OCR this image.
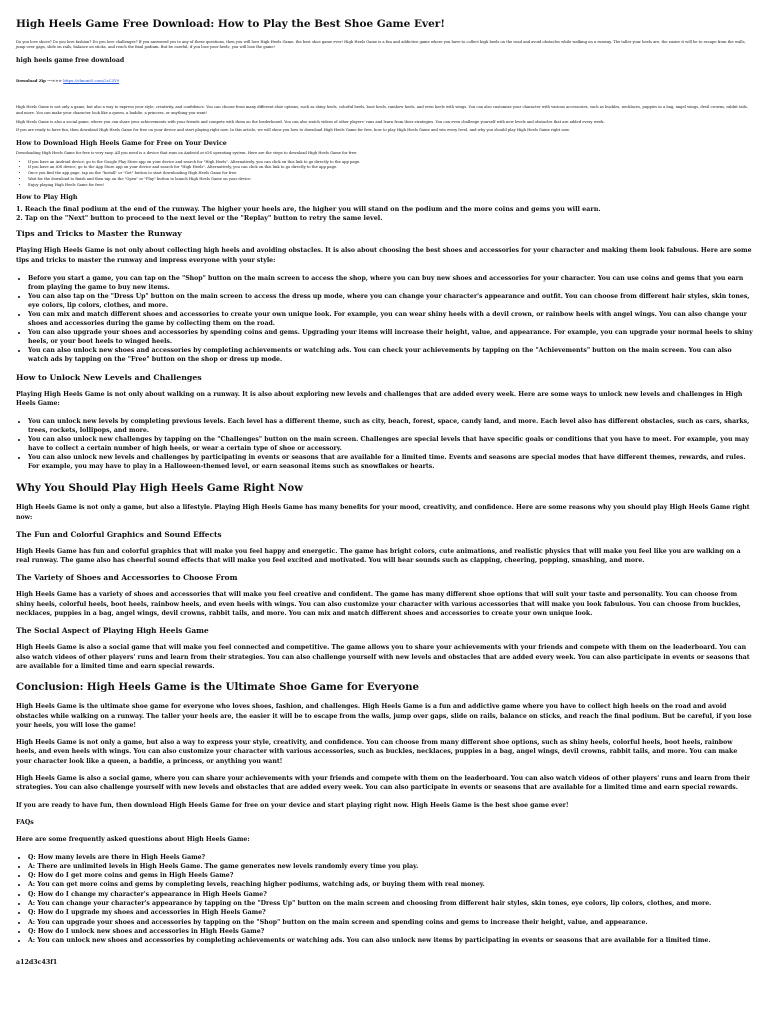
High Heels Game Free Download: How to Play the Best Shoe Game Ever!

Do you love shoes? Do you love fashion? Do you love challenges? If you answered yes to any of these questions, then you will love High Heels Game, the best shoe game ever! High Heels Game is a fun and addictive game where you have to collect high heels on the road and avoid obstacles while walking on a runway. The taller your heels are, the easier it will be to escape from the walls, jump over gaps, slide on rails, balance on sticks, and reach the final podium. But be careful, if you lose your heels, you will lose the game!

high heels game free download
Download Zip --->>> https://vlmunt5.com/2sC3Y9

High Heels Game is not only a game, but also a way to express your style, creativity, and confidence. You can choose from many different shoe options, such as shiny heels, colorful heels, boot heels, rainbow heels, and even heels with wings. You can also customize your character with various accessories, such as buckles, necklaces, puppies in a bag, angel wings, devil crowns, rabbit tails, and more. You can make your character look like a queen, a baddie, a princess, or anything you want!

High Heels Game is also a social game, where you can share your achievements with your friends and compete with them on the leaderboard. You can also watch videos of other players' runs and learn from their strategies. You can even challenge yourself with new levels and obstacles that are added every week.

If you are ready to have fun, then download High Heels Game for free on your device and start playing right now. In this article, we will show you how to download High Heels Game for free, how to play High Heels Game and win every level, and why you should play High Heels Game right now.

How to Download High Heels Game for Free on Your Device

Downloading High Heels Game for free is very easy. All you need is a device that runs on Android or iOS operating system. Here are the steps to download High Heels Game for free:

• If you have an Android device, go to the Google Play Store app on your device and search for "High Heels". Alternatively, you can click on this link to go directly to the app page.
• If you have an iOS device, go to the App Store app on your device and search for "High Heels". Alternatively, you can click on this link to go directly to the app page.
• Once you find the app page, tap on the "Install" or "Get" button to start downloading High Heels Game for free.
• Wait for the download to finish and then tap on the "Open" or "Play" button to launch High Heels Game on your device.
• Enjoy playing High Heels Game for free!
How to Play High
1. Reach the final podium at the end of the runway. The higher your heels are, the higher you will stand on the podium and the more coins and gems you will earn.
2. Tap on the "Next" button to proceed to the next level or the "Replay" button to retry the same level.
Tips and Tricks to Master the Runway

Playing High Heels Game is not only about collecting high heels and avoiding obstacles. It is also about choosing the best shoes and accessories for your character and making them look fabulous. Here are some tips and tricks to master the runway and impress everyone with your style:

• Before you start a game, you can tap on the "Shop" button on the main screen to access the shop, where you can buy new shoes and accessories for your character. You can use coins and gems that you earn from playing the game to buy new items.
• You can also tap on the "Dress Up" button on the main screen to access the dress up mode, where you can change your character's appearance and outfit. You can choose from different hair styles, skin tones, eye colors, lip colors, clothes, and more.
• You can mix and match different shoes and accessories to create your own unique look. For example, you can wear shiny heels with a devil crown, or rainbow heels with angel wings. You can also change your shoes and accessories during the game by collecting them on the road.
• You can also upgrade your shoes and accessories by spending coins and gems. Upgrading your items will increase their height, value, and appearance. For example, you can upgrade your normal heels to shiny heels, or your boot heels to winged heels.
• You can also unlock new shoes and accessories by completing achievements or watching ads. You can check your achievements by tapping on the "Achievements" button on the main screen. You can also watch ads by tapping on the "Free" button on the shop or dress up mode.
How to Unlock New Levels and Challenges

Playing High Heels Game is not only about walking on a runway. It is also about exploring new levels and challenges that are added every week. Here are some ways to unlock new levels and challenges in High Heels Game:

• You can unlock new levels by completing previous levels. Each level has a different theme, such as city, beach, forest, space, candy land, and more. Each level also has different obstacles, such as cars, sharks, trees, rockets, lollipops, and more.
• You can also unlock new challenges by tapping on the "Challenges" button on the main screen. Challenges are special levels that have specific goals or conditions that you have to meet. For example, you may have to collect a certain number of high heels, or wear a certain type of shoe or accessory.
• You can also unlock new levels and challenges by participating in events or seasons that are available for a limited time. Events and seasons are special modes that have different themes, rewards, and rules. For example, you may have to play in a Halloween-themed level, or earn seasonal items such as snowflakes or hearts.
Why You Should Play High Heels Game Right Now

High Heels Game is not only a game, but also a lifestyle. Playing High Heels Game has many benefits for your mood, creativity, and confidence. Here are some reasons why you should play High Heels Game right now:

The Fun and Colorful Graphics and Sound Effects

High Heels Game has fun and colorful graphics that will make you feel happy and energetic. The game has bright colors, cute animations, and realistic physics that will make you feel like you are walking on a real runway. The game also has cheerful sound effects that will make you feel excited and motivated. You will hear sounds such as clapping, cheering, popping, smashing, and more.

The Variety of Shoes and Accessories to Choose From

High Heels Game has a variety of shoes and accessories that will make you feel creative and confident. The game has many different shoe options that will suit your taste and personality. You can choose from shiny heels, colorful heels, boot heels, rainbow heels, and even heels with wings. You can also customize your character with various accessories that will make you look fabulous. You can choose from buckles, necklaces, puppies in a bag, angel wings, devil crowns, rabbit tails, and more. You can mix and match different shoes and accessories to create your own unique look.

The Social Aspect of Playing High Heels Game

High Heels Game is also a social game that will make you feel connected and competitive. The game allows you to share your achievements with your friends and compete with them on the leaderboard. You can also watch videos of other players' runs and learn from their strategies. You can also challenge yourself with new levels and obstacles that are added every week. You can also participate in events or seasons that are available for a limited time and earn special rewards.

Conclusion: High Heels Game is the Ultimate Shoe Game for Everyone

High Heels Game is the ultimate shoe game for everyone who loves shoes, fashion, and challenges. High Heels Game is a fun and addictive game where you have to collect high heels on the road and avoid obstacles while walking on a runway. The taller your heels are, the easier it will be to escape from the walls, jump over gaps, slide on rails, balance on sticks, and reach the final podium. But be careful, if you lose your heels, you will lose the game!

High Heels Game is not only a game, but also a way to express your style, creativity, and confidence. You can choose from many different shoe options, such as shiny heels, colorful heels, boot heels, rainbow heels, and even heels with wings. You can also customize your character with various accessories, such as buckles, necklaces, puppies in a bag, angel wings, devil crowns, rabbit tails, and more. You can make your character look like a queen, a baddie, a princess, or anything you want!

High Heels Game is also a social game, where you can share your achievements with your friends and compete with them on the leaderboard. You can also watch videos of other players' runs and learn from their strategies. You can also challenge yourself with new levels and obstacles that are added every week. You can also participate in events or seasons that are available for a limited time and earn special rewards.

If you are ready to have fun, then download High Heels Game for free on your device and start playing right now. High Heels Game is the best shoe game ever!

FAQs

Here are some frequently asked questions about High Heels Game:

• Q: How many levels are there in High Heels Game?
• A: There are unlimited levels in High Heels Game. The game generates new levels randomly every time you play.
• Q: How do I get more coins and gems in High Heels Game?
• A: You can get more coins and gems by completing levels, reaching higher podiums, watching ads, or buying them with real money.
• Q: How do I change my character's appearance in High Heels Game?
• A: You can change your character's appearance by tapping on the "Dress Up" button on the main screen and choosing from different hair styles, skin tones, eye colors, lip colors, clothes, and more.
• Q: How do I upgrade my shoes and accessories in High Heels Game?
• A: You can upgrade your shoes and accessories by tapping on the "Shop" button on the main screen and spending coins and gems to increase their height, value, and appearance.
• Q: How do I unlock new shoes and accessories in High Heels Game?
• A: You can unlock new shoes and accessories by completing achievements or watching ads. You can also unlock new items by participating in events or seasons that are available for a limited time.
a12d3c43f1
